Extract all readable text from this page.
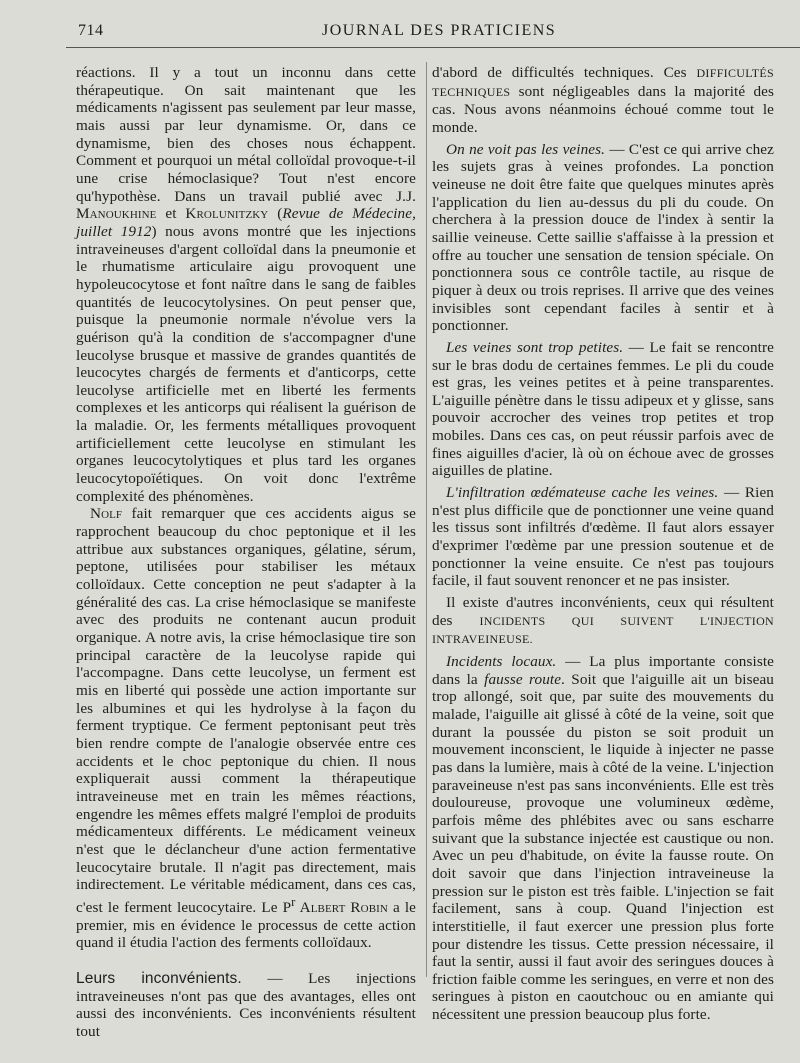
714	JOURNAL DES PRATICIENS

réactions. Il y a tout un inconnu dans cette thérapeutique. On sait maintenant que les médicaments n'agissent pas seulement par leur masse, mais aussi par leur dynamisme. Or, dans ce dynamisme, bien des choses nous échappent. Comment et pourquoi un métal colloïdal provoque-t-il une crise hémoclasique? Tout n'est encore qu'hypothèse. Dans un travail publié avec J.J. Manoukhine et Krolunitzky (Revue de Médecine, juillet 1912) nous avons montré que les injections intraveineuses d'argent colloïdal dans la pneumonie et le rhumatisme articulaire aigu provoquent une hypoleucocytose et font naître dans le sang de faibles quantités de leucocytolysines. On peut penser que, puisque la pneumonie normale n'évolue vers la guérison qu'à la condition de s'accompagner d'une leucolyse brusque et massive de grandes quantités de leucocytes chargés de ferments et d'anticorps, cette leucolyse artificielle met en liberté les ferments complexes et les anticorps qui réalisent la guérison de la maladie. Or, les ferments métalliques provoquent artificiellement cette leucolyse en stimulant les organes leucocytolytiques et plus tard les organes leucocytopoïétiques. On voit donc l'extrême complexité des phénomènes.

Nolf fait remarquer que ces accidents aigus se rapprochent beaucoup du choc peptonique et il les attribue aux substances organiques, gélatine, sérum, peptone, utilisées pour stabiliser les métaux colloïdaux. Cette conception ne peut s'adapter à la généralité des cas. La crise hémoclasique se manifeste avec des produits ne contenant aucun produit organique. A notre avis, la crise hémoclasique tire son principal caractère de la leucolyse rapide qui l'accompagne. Dans cette leucolyse, un ferment est mis en liberté qui possède une action importante sur les albumines et qui les hydrolyse à la façon du ferment tryptique. Ce ferment peptonisant peut très bien rendre compte de l'analogie observée entre ces accidents et le choc peptonique du chien. Il nous expliquerait aussi comment la thérapeutique intraveineuse met en train les mêmes réactions, engendre les mêmes effets malgré l'emploi de produits médicamenteux différents. Le médicament veineux n'est que le déclancheur d'une action fermentative leucocytaire brutale. Il n'agit pas directement, mais indirectement. Le véritable médicament, dans ces cas, c'est le ferment leucocytaire. Le $P^r$ Albert Robin a le premier, mis en évidence le processus de cette action quand il étudia l'action des ferments colloïdaux.

Leurs inconvénients. — Les injections intraveineuses n'ont pas que des avantages, elles ont aussi des inconvénients. Ces inconvénients résultent tout

d'abord de difficultés techniques. Ces DIFFICULTÉS TECHNIQUES sont négligeables dans la majorité des cas. Nous avons néanmoins échoué comme tout le monde.

On ne voit pas les veines. — C'est ce qui arrive chez les sujets gras à veines profondes. La ponction veineuse ne doit être faite que quelques minutes après l'application du lien au-dessus du pli du coude. On cherchera à la pression douce de l'index à sentir la saillie veineuse. Cette saillie s'affaisse à la pression et offre au toucher une sensation de tension spéciale. On ponctionnera sous ce contrôle tactile, au risque de piquer à deux ou trois reprises. Il arrive que des veines invisibles sont cependant faciles à sentir et à ponctionner.

Les veines sont trop petites. — Le fait se rencontre sur le bras dodu de certaines femmes. Le pli du coude est gras, les veines petites et à peine transparentes. L'aiguille pénètre dans le tissu adipeux et y glisse, sans pouvoir accrocher des veines trop petites et trop mobiles. Dans ces cas, on peut réussir parfois avec de fines aiguilles d'acier, là où on échoue avec de grosses aiguilles de platine.

L'infiltration œdémateuse cache les veines. — Rien n'est plus difficile que de ponctionner une veine quand les tissus sont infiltrés d'œdème. Il faut alors essayer d'exprimer l'œdème par une pression soutenue et de ponctionner la veine ensuite. Ce n'est pas toujours facile, il faut souvent renoncer et ne pas insister.

Il existe d'autres inconvénients, ceux qui résultent des INCIDENTS QUI SUIVENT L'INJECTION INTRAVEINEUSE.

Incidents locaux. — La plus importante consiste dans la fausse route. Soit que l'aiguille ait un biseau trop allongé, soit que, par suite des mouvements du malade, l'aiguille ait glissé à côté de la veine, soit que durant la poussée du piston se soit produit un mouvement inconscient, le liquide à injecter ne passe pas dans la lumière, mais à côté de la veine. L'injection paraveineuse n'est pas sans inconvénients. Elle est très douloureuse, provoque une volumineux œdème, parfois même des phlébites avec ou sans escharre suivant que la substance injectée est caustique ou non. Avec un peu d'habitude, on évite la fausse route. On doit savoir que dans l'injection intraveineuse la pression sur le piston est très faible. L'injection se fait facilement, sans à coup. Quand l'injection est interstitielle, il faut exercer une pression plus forte pour distendre les tissus. Cette pression nécessaire, il faut la sentir, aussi il faut avoir des seringues douces à friction faible comme les seringues, en verre et non des seringues à piston en caoutchouc ou en amiante qui nécessitent une pression beaucoup plus forte.
